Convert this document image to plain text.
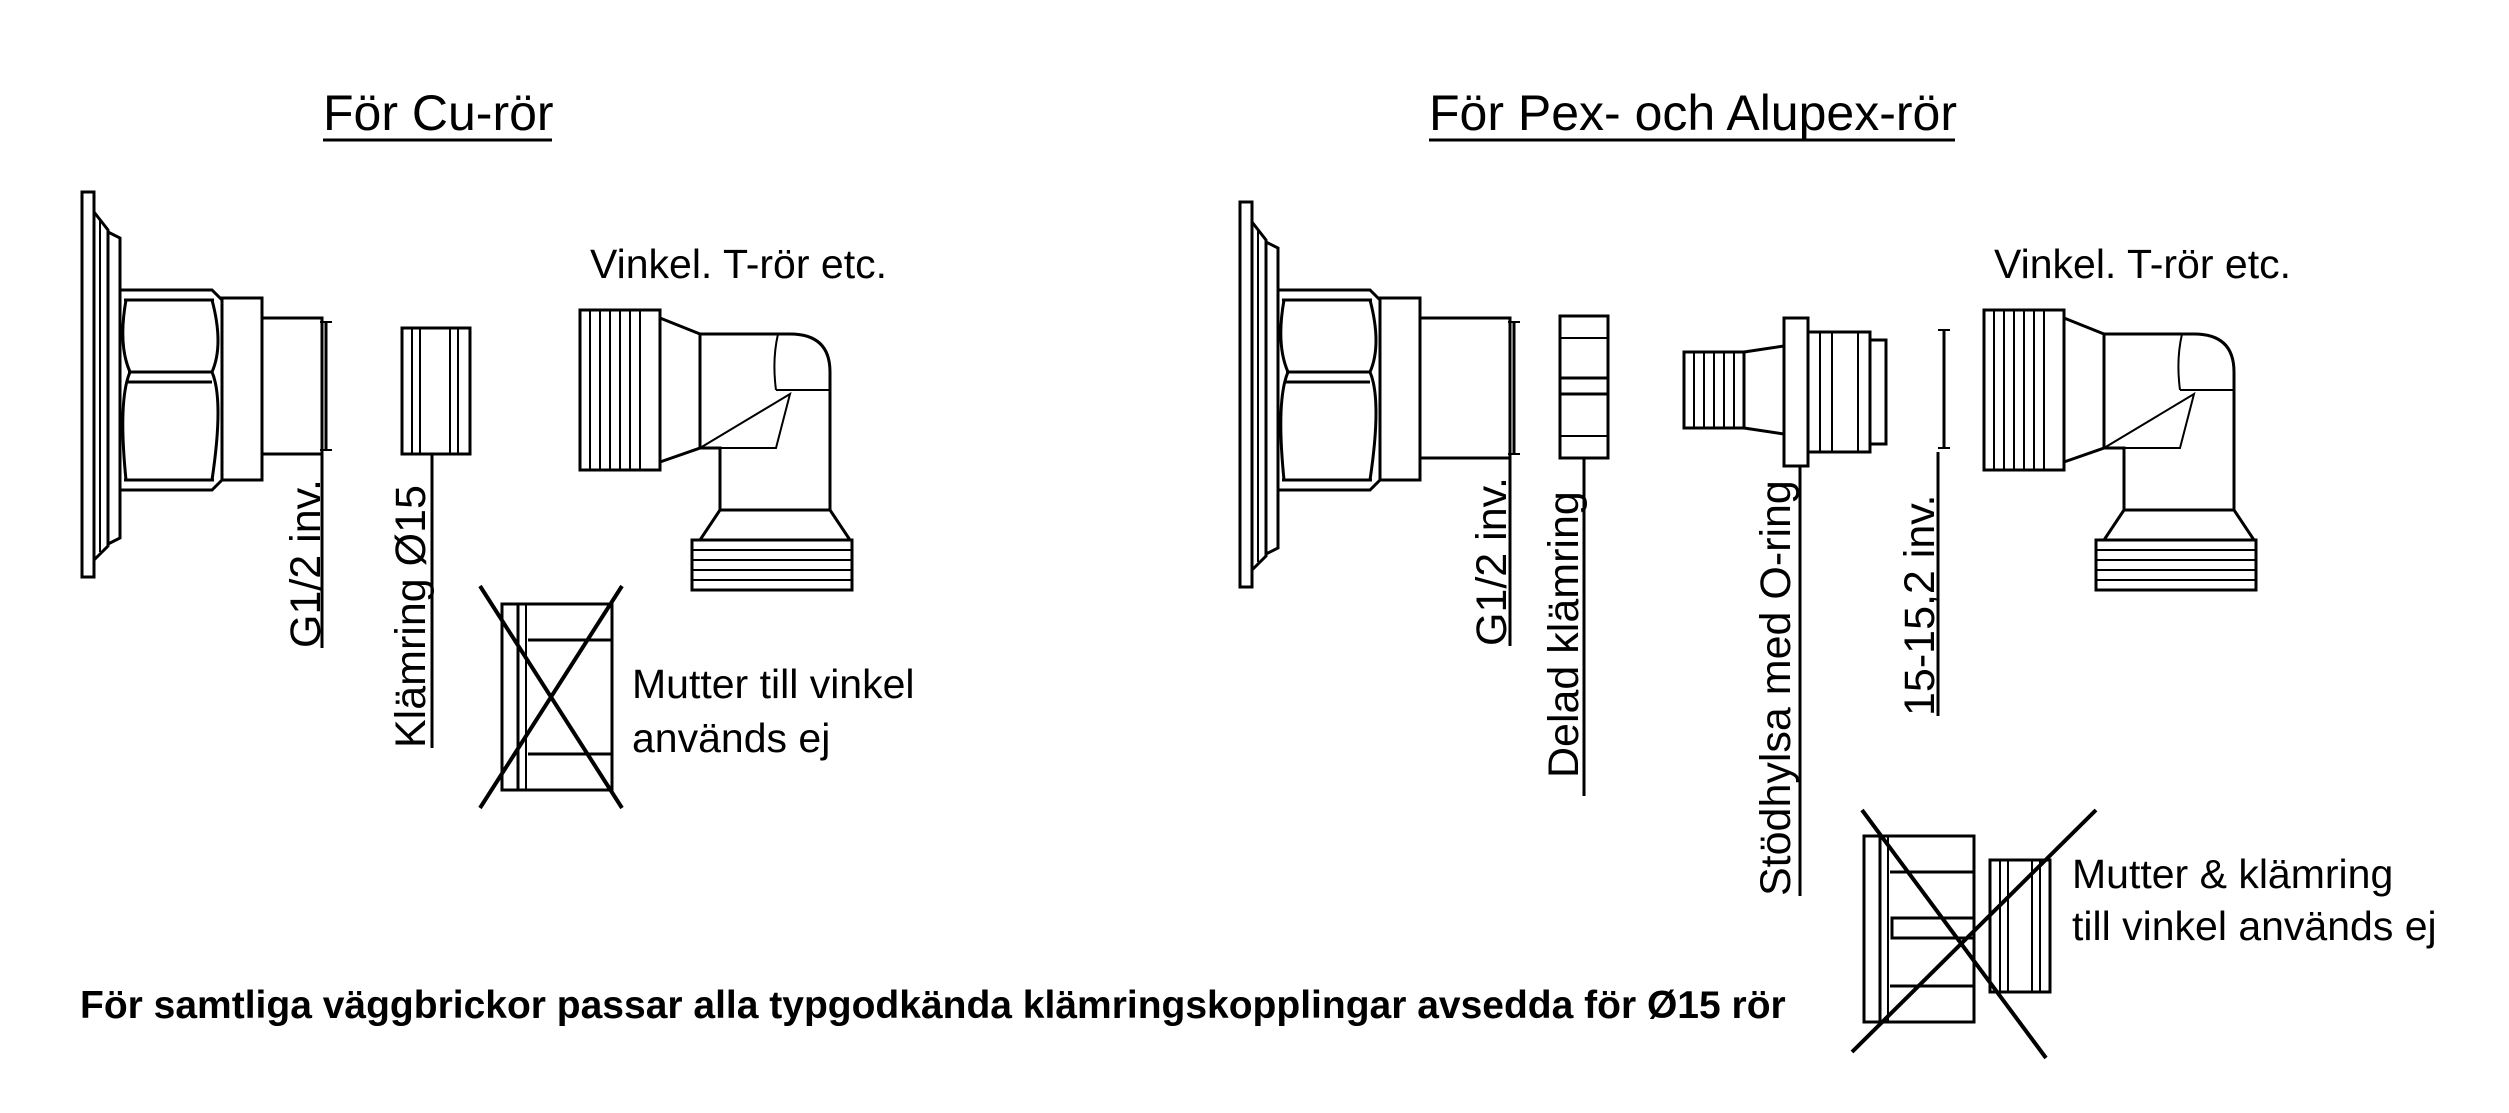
För Cu-rör	För Pex- och Alupex-rör
G1/2 inv. Klämring Ø15
Vinkel. T-rör etc.
Mutter till vinkel
används ej
G1/2 inv. Delad klämring	Stödhylsa med O-ring 15-15,2 inv.
Vinkel. T-rör etc.
Mutter & klämring
till vinkel används ej
För samtliga väggbrickor passar alla typgodkända klämringskopplingar avsedda för Ø15 rör
